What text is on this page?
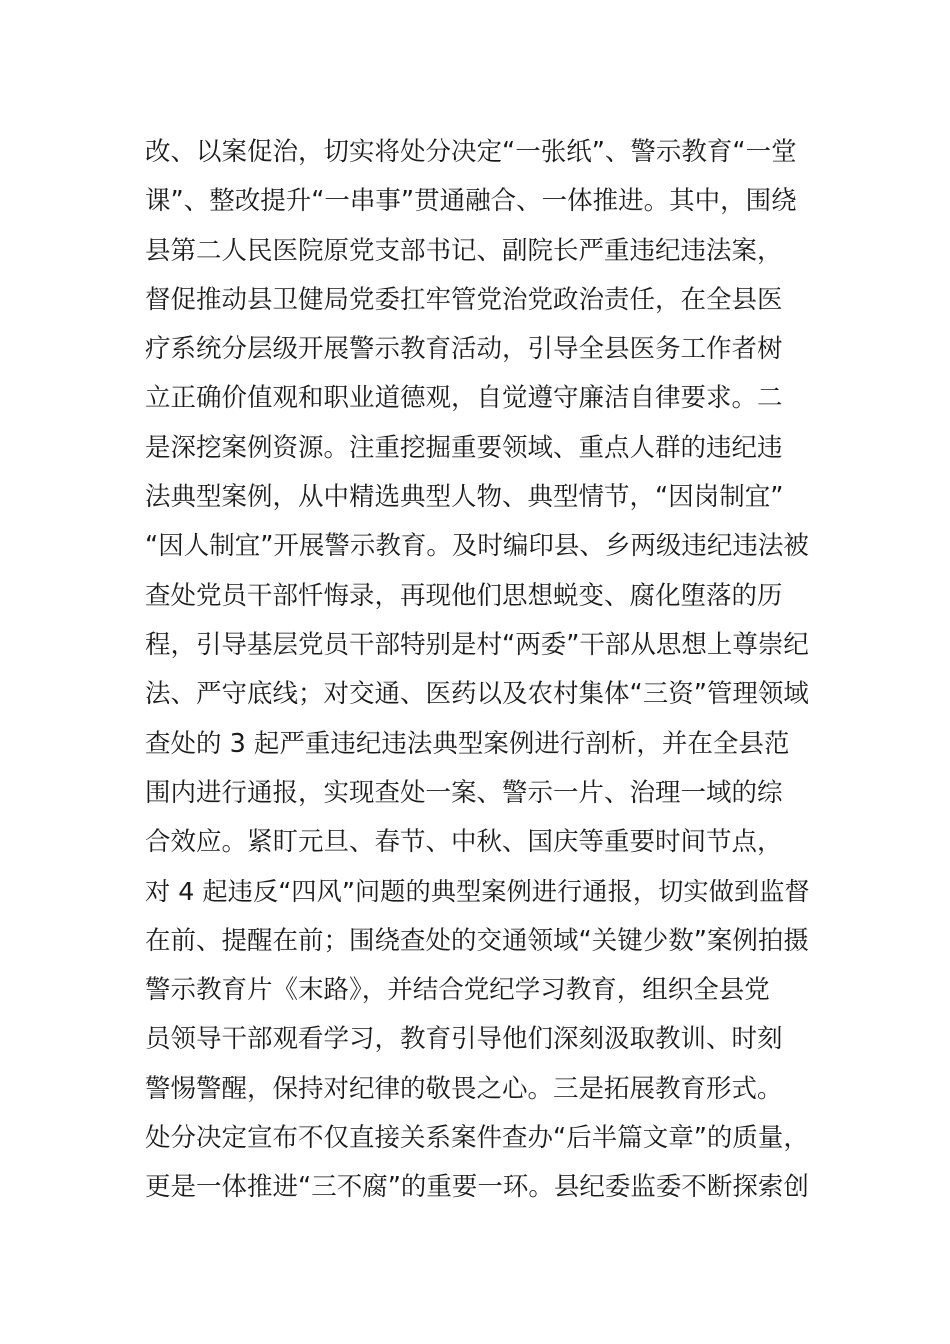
改、以案促治，切实将处分决定“一张纸”、警示教育“一堂
课”、整改提升“一串事”贯通融合、一体推进。其中，围绕
县第二人民医院原党支部书记、副院长严重违纪违法案，
督促推动县卫健局党委扛牢管党治党政治责任，在全县医
疗系统分层级开展警示教育活动，引导全县医务工作者树
立正确价值观和职业道德观，自觉遵守廉洁自律要求。二
是深挖案例资源。注重挖掘重要领域、重点人群的违纪违
法典型案例，从中精选典型人物、典型情节，“因岗制宜”
“因人制宜”开展警示教育。及时编印县、乡两级违纪违法被
查处党员干部忏悔录，再现他们思想蜕变、腐化堕落的历
程，引导基层党员干部特别是村“两委”干部从思想上尊崇纪
法、严守底线；对交通、医药以及农村集体“三资”管理领域
查处的 3 起严重违纪违法典型案例进行剖析，并在全县范
围内进行通报，实现查处一案、警示一片、治理一域的综
合效应。紧盯元旦、春节、中秋、国庆等重要时间节点，
对 4 起违反“四风”问题的典型案例进行通报，切实做到监督
在前、提醒在前；围绕查处的交通领域“关键少数”案例拍摄
警示教育片《末路》，并结合党纪学习教育，组织全县党
员领导干部观看学习，教育引导他们深刻汲取教训、时刻
警惕警醒，保持对纪律的敬畏之心。三是拓展教育形式。
处分决定宣布不仅直接关系案件查办“后半篇文章”的质量，
更是一体推进“三不腐”的重要一环。县纪委监委不断探索创
